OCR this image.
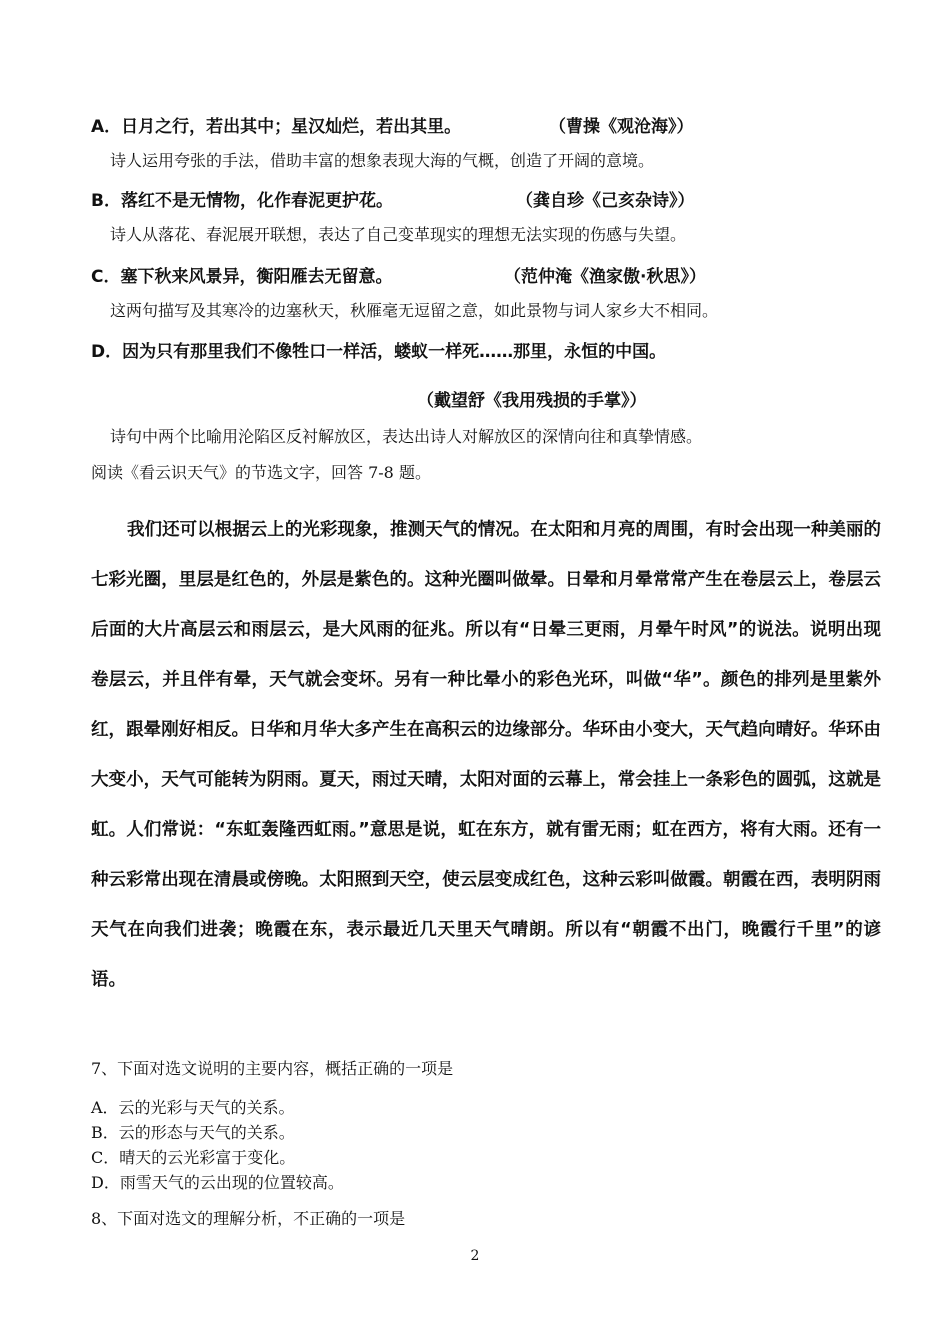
A．日月之行，若出其中；星汉灿烂，若出其里。	（曹操《观沧海》）
诗人运用夸张的手法，借助丰富的想象表现大海的气概，创造了开阔的意境。
B．落红不是无情物，化作春泥更护花。	（龚自珍《己亥杂诗》）
诗人从落花、春泥展开联想，表达了自己变革现实的理想无法实现的伤感与失望。
C．塞下秋来风景异，衡阳雁去无留意。	（范仲淹《渔家傲·秋思》）
这两句描写及其寒冷的边塞秋天，秋雁毫无逗留之意，如此景物与词人家乡大不相同。
D．因为只有那里我们不像牲口一样活，蝼蚁一样死……那里，永恒的中国。
（戴望舒《我用残损的手掌》）
诗句中两个比喻用沦陷区反衬解放区，表达出诗人对解放区的深情向往和真挚情感。
阅读《看云识天气》的节选文字，回答 7-8 题。

我们还可以根据云上的光彩现象，推测天气的情况。在太阳和月亮的周围，有时会出现一种美丽的七彩光圈，里层是红色的，外层是紫色的。这种光圈叫做晕。日晕和月晕常常产生在卷层云上，卷层云后面的大片高层云和雨层云，是大风雨的征兆。所以有“日晕三更雨，月晕午时风”的说法。说明出现卷层云，并且伴有晕，天气就会变坏。另有一种比晕小的彩色光环，叫做“华”。颜色的排列是里紫外红，跟晕刚好相反。日华和月华大多产生在高积云的边缘部分。华环由小变大，天气趋向晴好。华环由大变小，天气可能转为阴雨。夏天，雨过天晴，太阳对面的云幕上，常会挂上一条彩色的圆弧，这就是虹。人们常说：“东虹轰隆西虹雨。”意思是说，虹在东方，就有雷无雨；虹在西方，将有大雨。还有一种云彩常出现在清晨或傍晚。太阳照到天空，使云层变成红色，这种云彩叫做霞。朝霞在西，表明阴雨天气在向我们进袭；晚霞在东，表示最近几天里天气晴朗。所以有“朝霞不出门，晚霞行千里”的谚语。

7、下面对选文说明的主要内容，概括正确的一项是
A．云的光彩与天气的关系。
B．云的形态与天气的关系。
C．晴天的云光彩富于变化。
D．雨雪天气的云出现的位置较高。
8、下面对选文的理解分析，不正确的一项是
2
